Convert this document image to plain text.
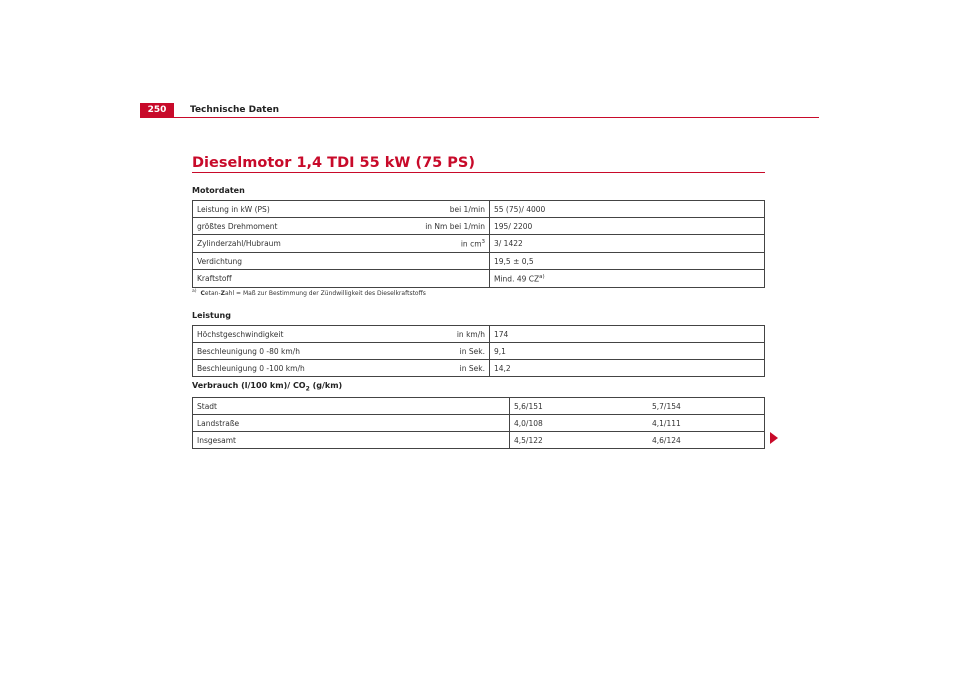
250	Technische Daten
Dieselmotor 1,4 TDI 55 kW (75 PS)
Motordaten
Leistung in kW (PS)	bei 1/min	55 (75)/ 4000
größtes Drehmoment	in Nm bei 1/min	195/ 2200
Zylinderzahl/Hubraum	in $cm^3$	3/ 1422
Verdichtung		19,5 ± 0,5
Kraftstoff		Mind. 49 CZ$^{a)}$
$^{a)}$ Cetan-Zahl = Maß zur Bestimmung der Zündwilligkeit des Dieselkraftstoffs
Leistung
Höchstgeschwindigkeit	in km/h	174
Beschleunigung 0 -80 km/h	in Sek.	9,1
Beschleunigung 0 -100 km/h	in Sek.	14,2
Verbrauch (l/100 km)/ $CO_2$ (g/km)
Stadt	5,6/151	5,7/154
Landstraße	4,0/108	4,1/111
Insgesamt	4,5/122	4,6/124
